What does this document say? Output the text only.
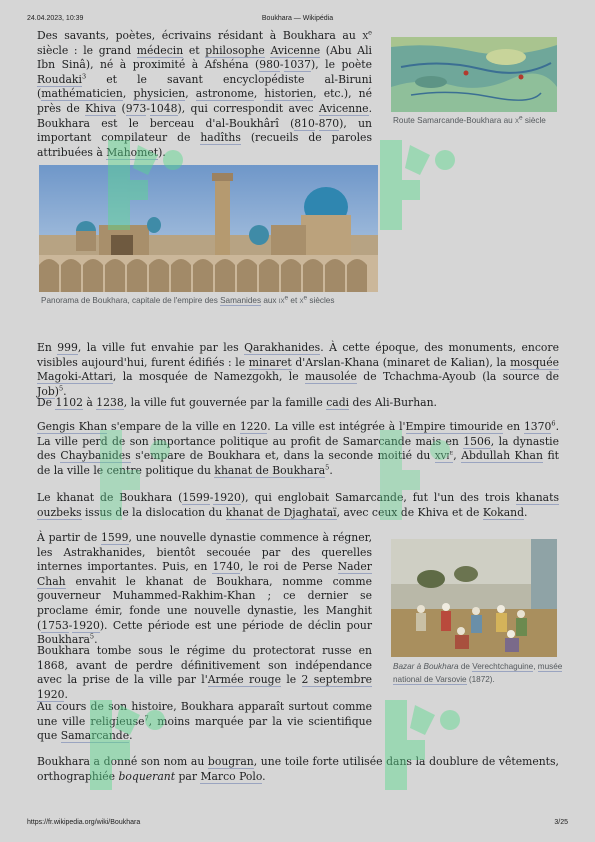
24.04.2023, 10:39	Boukhara — Wikipédia
https://fr.wikipedia.org/wiki/Boukhara	3/25

Des savants, poètes, écrivains résidant à Boukhara au $x^e$ siècle : le grand médecin et philosophe Avicenne (Abu Ali Ibn Sinâ), né à proximité à Afshéna (980-1037), le poète Roudaki$^3$ et le savant encyclopédiste al-Biruni (mathématicien, physicien, astronome, historien, etc.), né près de Khiva (973-1048), qui correspondit avec Avicenne. Boukhara est le berceau d'al-Boukhârî (810-870), un important compilateur de hadîths (recueils de paroles attribuées à Mahomet).

Route Samarcande-Boukhara au $x^e$ siècle
Panorama de Boukhara, capitale de l'empire des Samanides aux $ix^e$ et $x^e$ siècles

En 999, la ville fut envahie par les Qarakhanides. À cette époque, des monuments, encore visibles aujourd'hui, furent édifiés : le minaret d'Arslan-Khana (minaret de Kalian), la mosquée Magoki-Attari, la mosquée de Namezgokh, le mausolée de Tchachma-Ayoub (la source de Job)$^5$.

De 1102 à 1238, la ville fut gouvernée par la famille cadi des Ali-Burhan.

Gengis Khan s'empare de la ville en 1220. La ville est intégrée à l'Empire timouride en 1370$^6$. La ville perd de son importance politique au profit de Samarcande mais en 1506, la dynastie des Chaybanides s'empare de Boukhara et, dans la seconde moitié du xvi$^e$, Abdullah Khan fit de la ville le centre politique du khanat de Boukhara$^5$.

Le khanat de Boukhara (1599-1920), qui englobait Samarcande, fut l'un des trois khanats ouzbeks issus de la dislocation du khanat de Djaghataï, avec ceux de Khiva et de Kokand.

À partir de 1599, une nouvelle dynastie commence à régner, les Astrakhanides, bientôt secouée par des querelles internes importantes. Puis, en 1740, le roi de Perse Nader Chah envahit le khanat de Boukhara, nomme comme gouverneur Muhammed-Rakhim-Khan ; ce dernier se proclame émir, fonde une nouvelle dynastie, les Manghit (1753-1920). Cette période est une période de déclin pour Boukhara$^5$.

Bazar à Boukhara de Verechtchaguine, musée national de Varsovie (1872).

Boukhara tombe sous le régime du protectorat russe en 1868, avant de perdre définitivement son indépendance avec la prise de la ville par l'Armée rouge le 2 septembre 1920.

Au cours de son histoire, Boukhara apparaît surtout comme une ville religieuse$^7$, moins marquée par la vie scientifique que Samarcande.

Boukhara a donné son nom au bougran, une toile forte utilisée dans la doublure de vêtements, orthographiée boquerant par Marco Polo.
